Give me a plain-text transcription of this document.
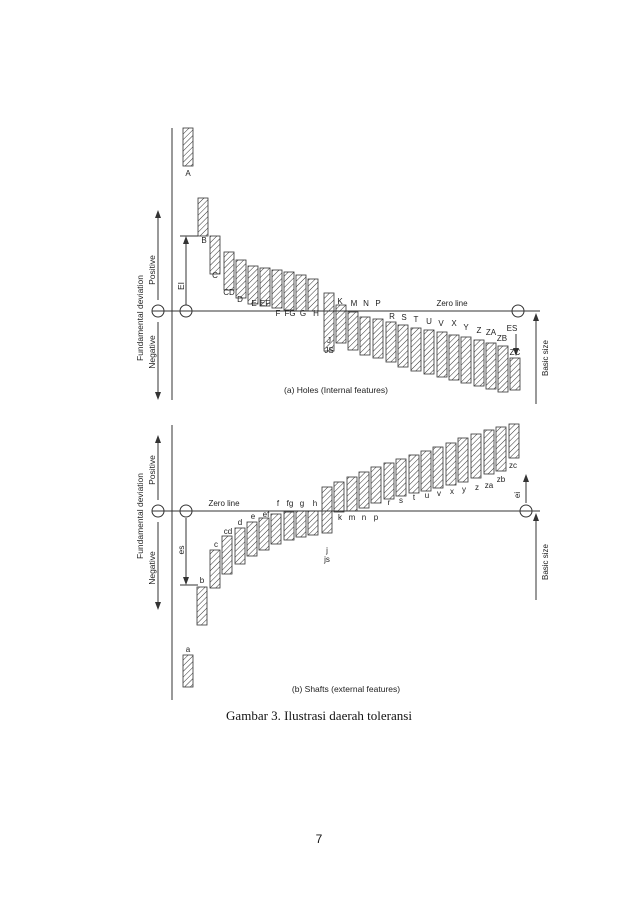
Fundamental deviation
Positive
Negative
EI
Zero line
ES
Basic size
A
B
C
CD
D E EF
F FG G H
J
JS
K M N P
R S T U V X Y Z ZA
ZB
ZC
(a) Holes (Internal features)
Fundamental deviation
Positive
Negative
es
Zero line
ei
Basic size
a
b
c
cd
d
e ef
f fg g h
j
js
k m n p
r s t u v x y z za
zb
zc
(b) Shafts (external features)
Gambar 3. Ilustrasi daerah toleransi
7
